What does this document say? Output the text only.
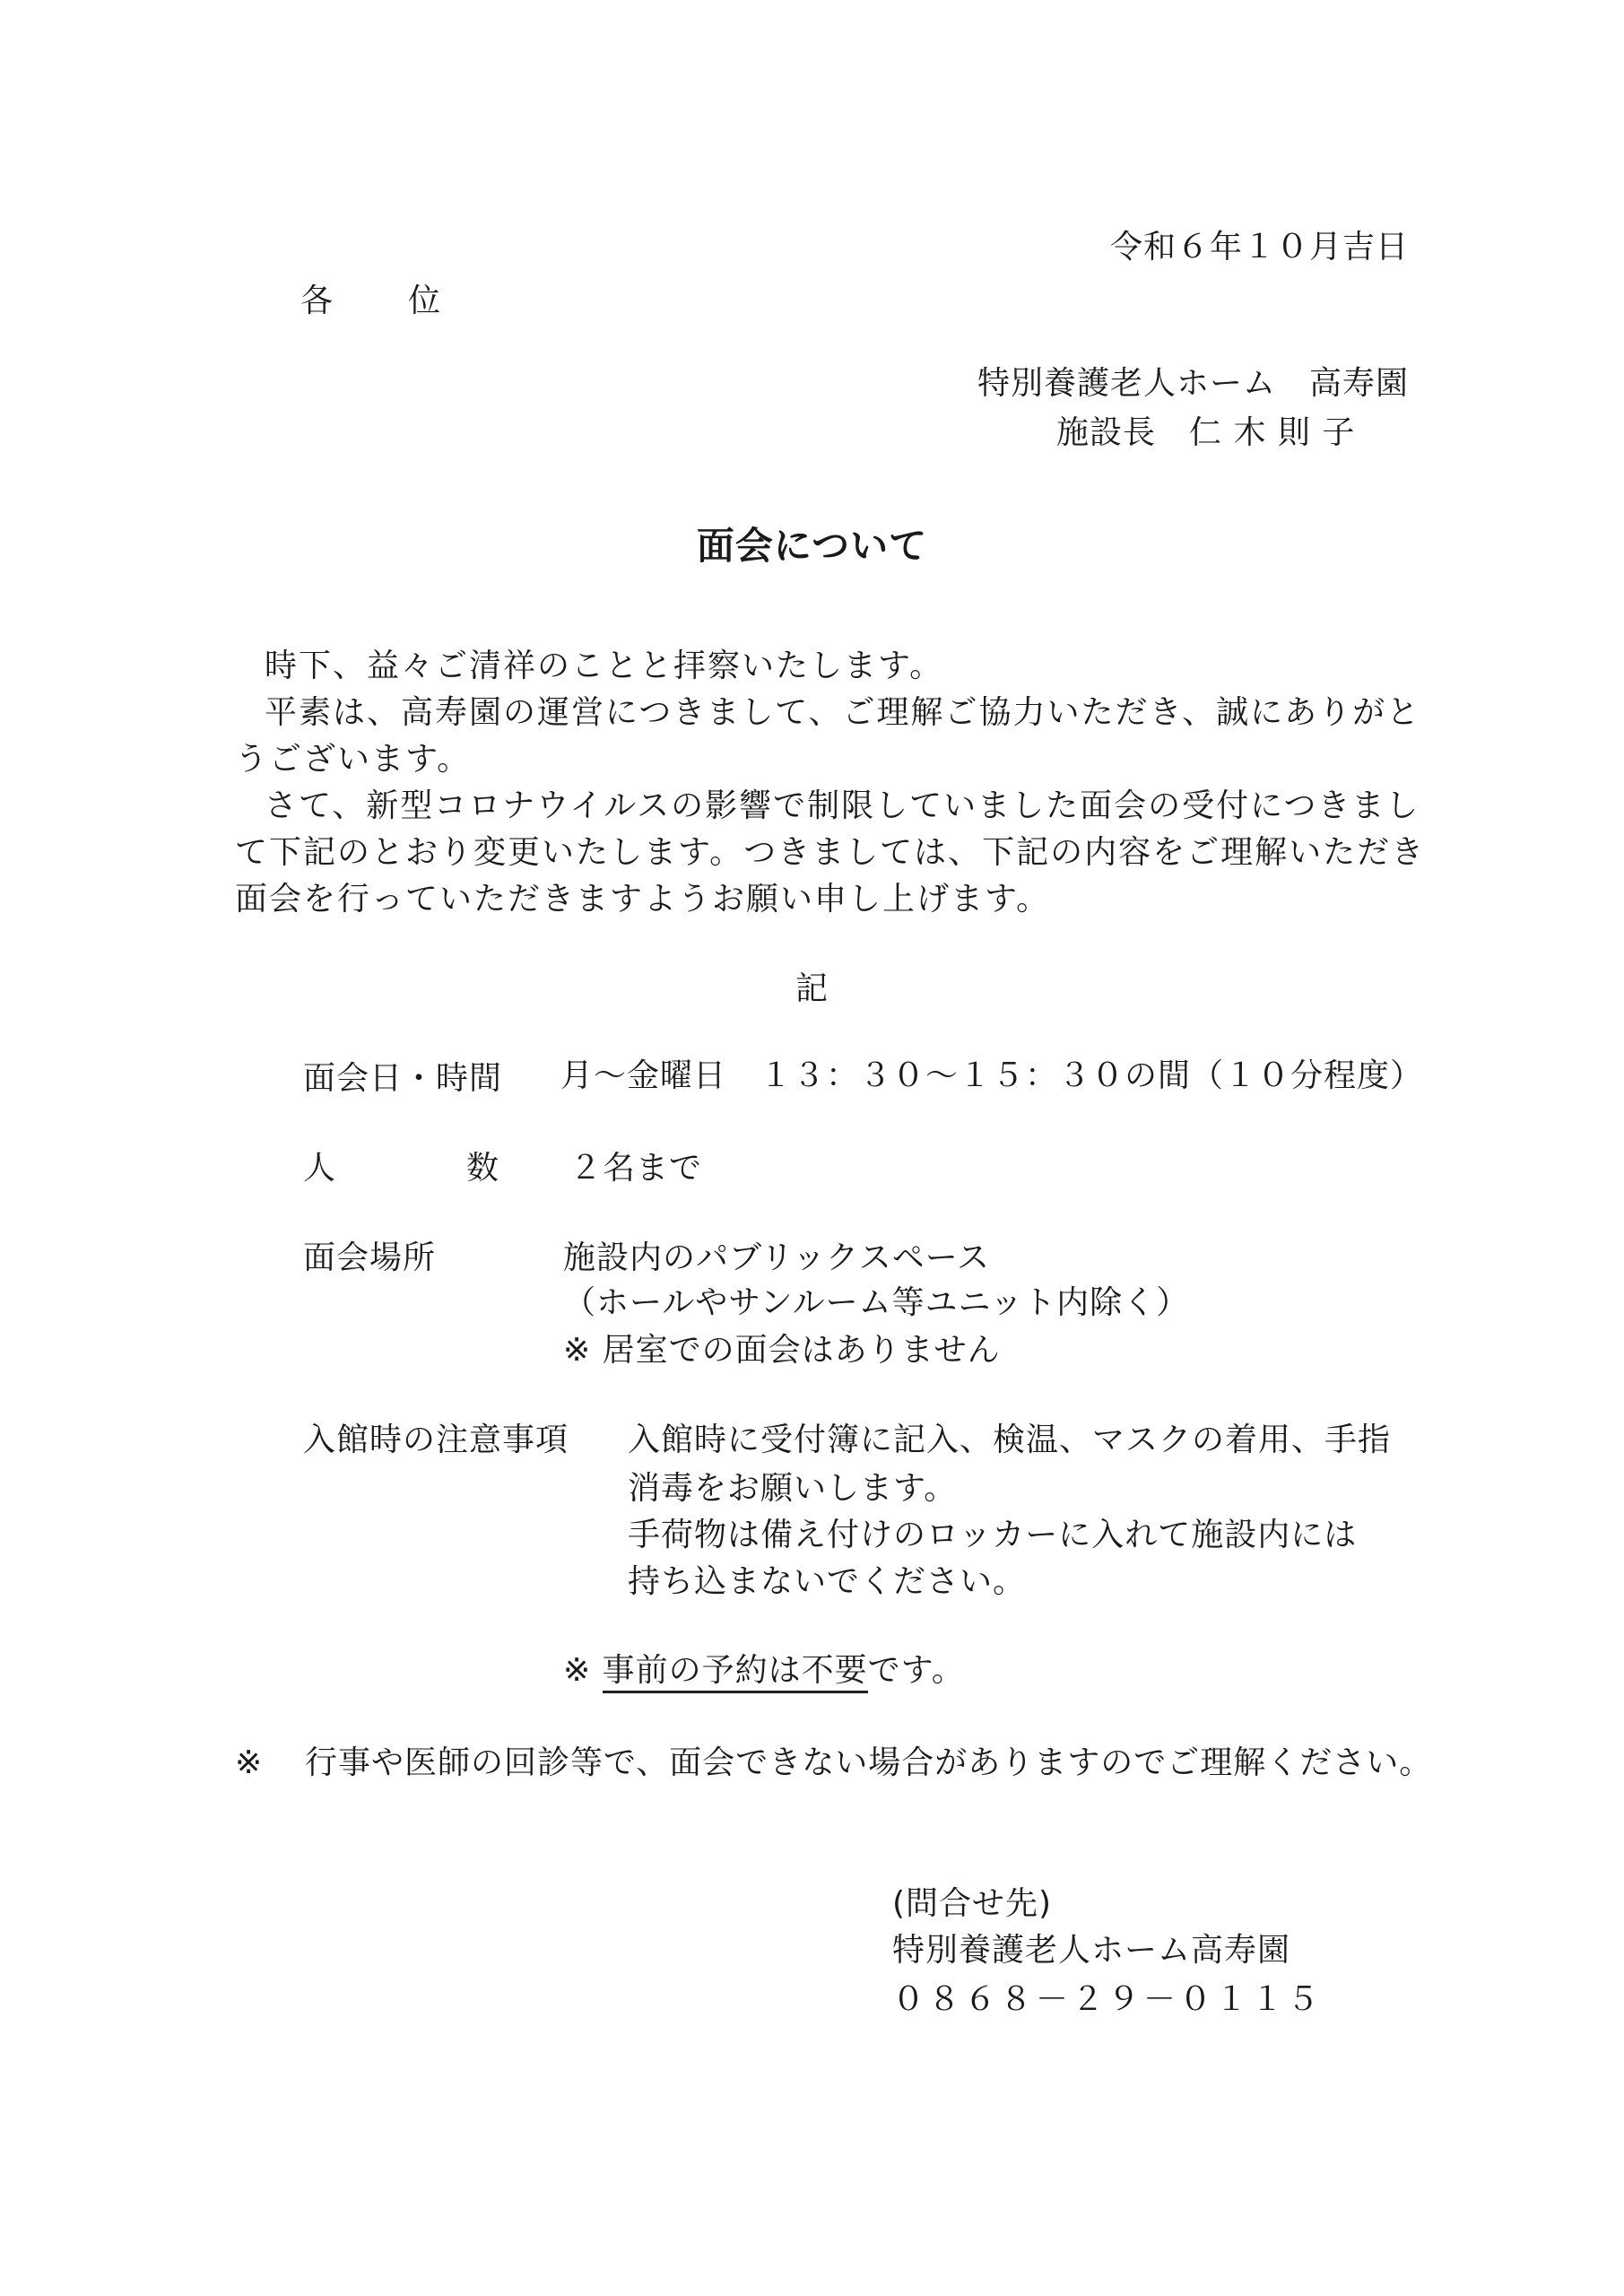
令和６年１０月吉日
各　位
特別養護老人ホーム　高寿園
施設長　仁 木 則 子
面会について
時下、益々ご清祥のことと拝察いたします。
平素は、高寿園の運営につきまして、ご理解ご協力いただき、誠にありがと
うございます。
さて、新型コロナウイルスの影響で制限していました面会の受付につきまし
て下記のとおり変更いたします。つきましては、下記の内容をご理解いただき
面会を行っていただきますようお願い申し上げます。
記
面会日・時間 月～金曜日　１３：３０～１５：３０の間（１０分程度）
人	数 ２名まで
面会場所	施設内のパブリックスペース
（ホールやサンルーム等ユニット内除く）
※ 居室での面会はありません
入館時の注意事項 入館時に受付簿に記入、検温、マスクの着用、手指
消毒をお願いします。
手荷物は備え付けのロッカーに入れて施設内には
持ち込まないでください。
※ 事前の予約は不要です。
※ 行事や医師の回診等で、面会できない場合がありますのでご理解ください。
(問合せ先)
特別養護老人ホーム高寿園
０８６８－２９－０１１５
